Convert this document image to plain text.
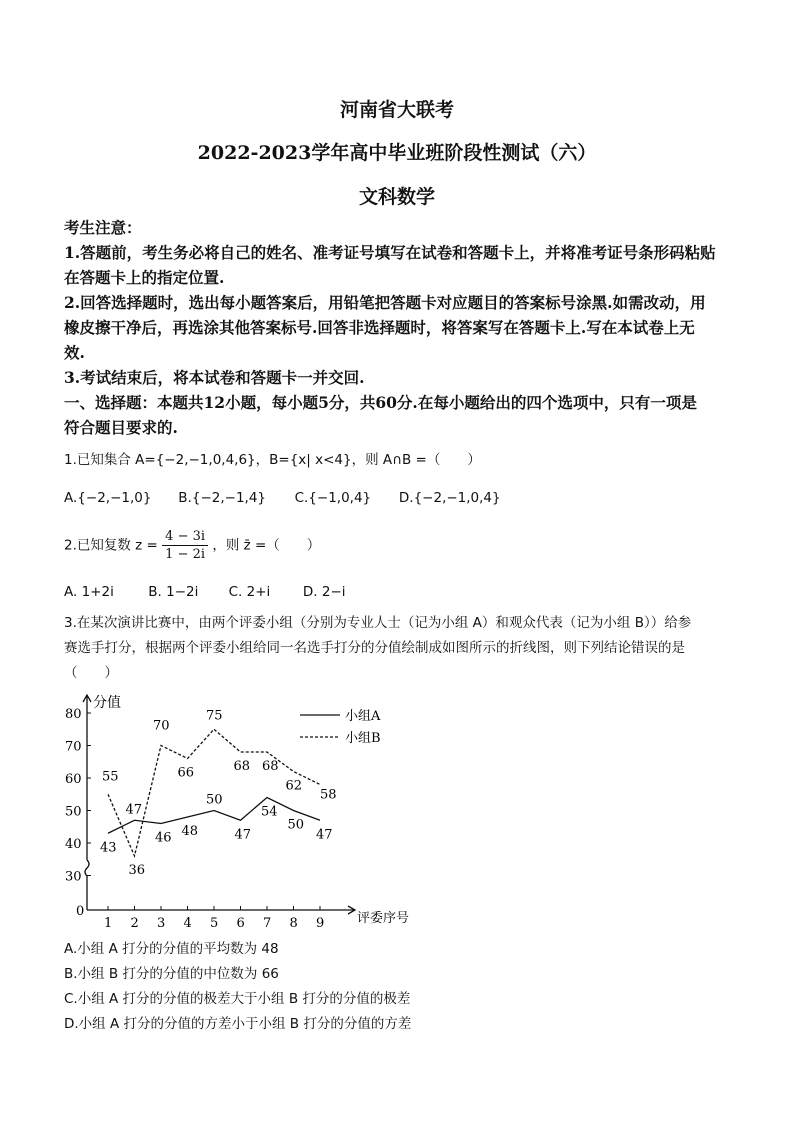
河南省大联考
2022-2023学年高中毕业班阶段性测试（六）
文科数学
考生注意：
1.答题前，考生务必将自己的姓名、准考证号填写在试卷和答题卡上，并将准考证号条形码粘贴
在答题卡上的指定位置.
2.回答选择题时，选出每小题答案后，用铅笔把答题卡对应题目的答案标号涂黑.如需改动，用
橡皮擦干净后，再选涂其他答案标号.回答非选择题时，将答案写在答题卡上.写在本试卷上无
效.
3.考试结束后，将本试卷和答题卡一并交回.
一、选择题：本题共12小题，每小题5分，共60分.在每小题给出的四个选项中，只有一项是
符合题目要求的.
1.已知集合 A={−2,−1,0,4,6}，B={x| x<4}，则 A∩B =（　　）
A.{−2,−1,0} B.{−2,−1,4} C.{−1,0,4} D.{−2,−1,0,4}
2.已知复数 $z = \frac{4 - 3i}{1 - 2i}$ ，则 z̄ =（　　）
A. 1+2i	B. 1−2i C. 2+i D. 2−i
3.在某次演讲比赛中，由两个评委小组（分别为专业人士（记为小组 A）和观众代表（记为小组 B））给参
赛选手打分，根据两个评委小组给同一名选手打分的分值绘制成如图所示的折线图，则下列结论错误的是
（　　）
分值
评委序号
0
30
40
50
60
70
80
1 2 3 4 5 6 7 8 9
43
47
46 48
50
47
54
50
47
55
36
70
66
75
68 68
62
58
小组A
小组B
A.小组 A 打分的分值的平均数为 48
B.小组 B 打分的分值的中位数为 66
C.小组 A 打分的分值的极差大于小组 B 打分的分值的极差
D.小组 A 打分的分值的方差小于小组 B 打分的分值的方差
